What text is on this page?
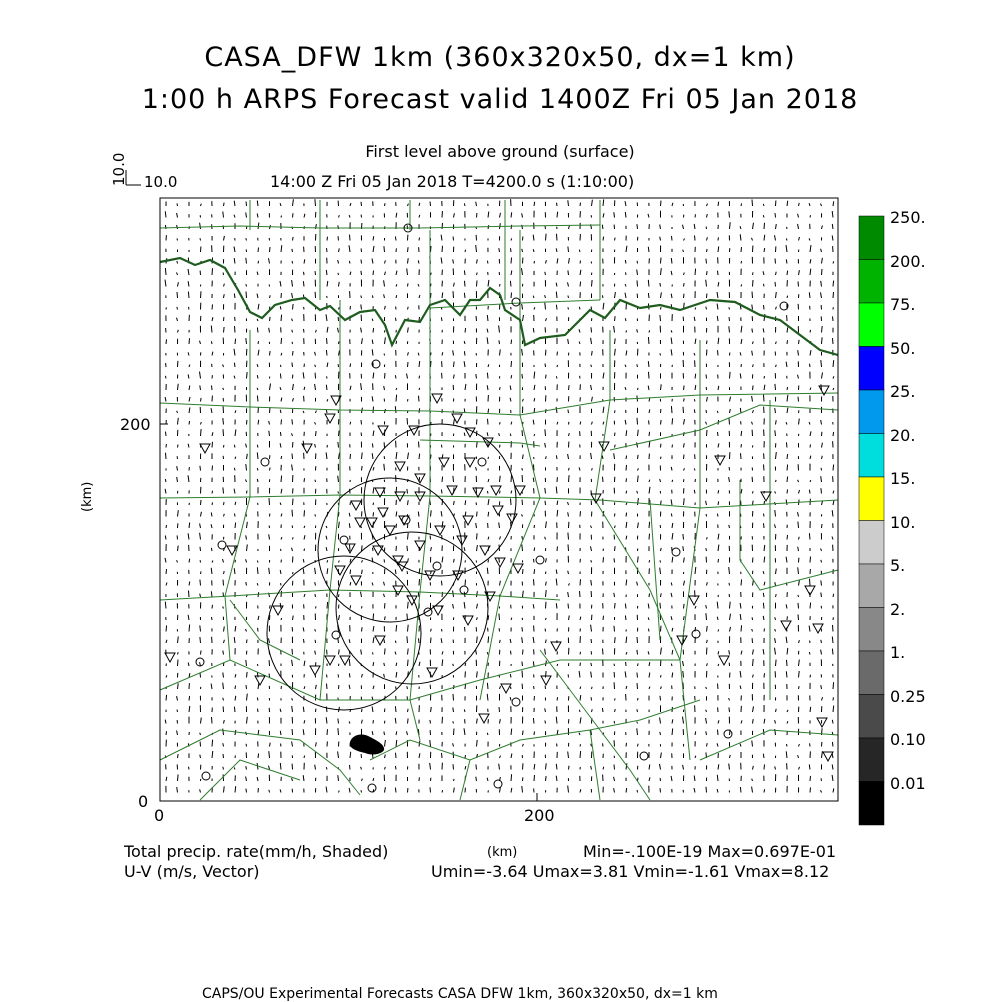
CASA_DFW 1km (360x320x50, dx=1 km)
1:00 h ARPS Forecast valid 1400Z Fri 05 Jan 2018
First level above ground (surface)
14:00 Z Fri 05 Jan 2018 T=4200.0 s (1:10:00)
10.0 10.0
(km)
200
0
0	200
250.
200.
75.
50.
25.
20.
15.
10.
5.
2.
1.
0.25
0.10
0.01
Total precip. rate(mm/h, Shaded)
U-V (m/s, Vector)
(km)	Min=-.100E-19 Max=0.697E-01
Umin=-3.64 Umax=3.81 Vmin=-1.61 Vmax=8.12
CAPS/OU Experimental Forecasts CASA DFW 1km, 360x320x50, dx=1 km
